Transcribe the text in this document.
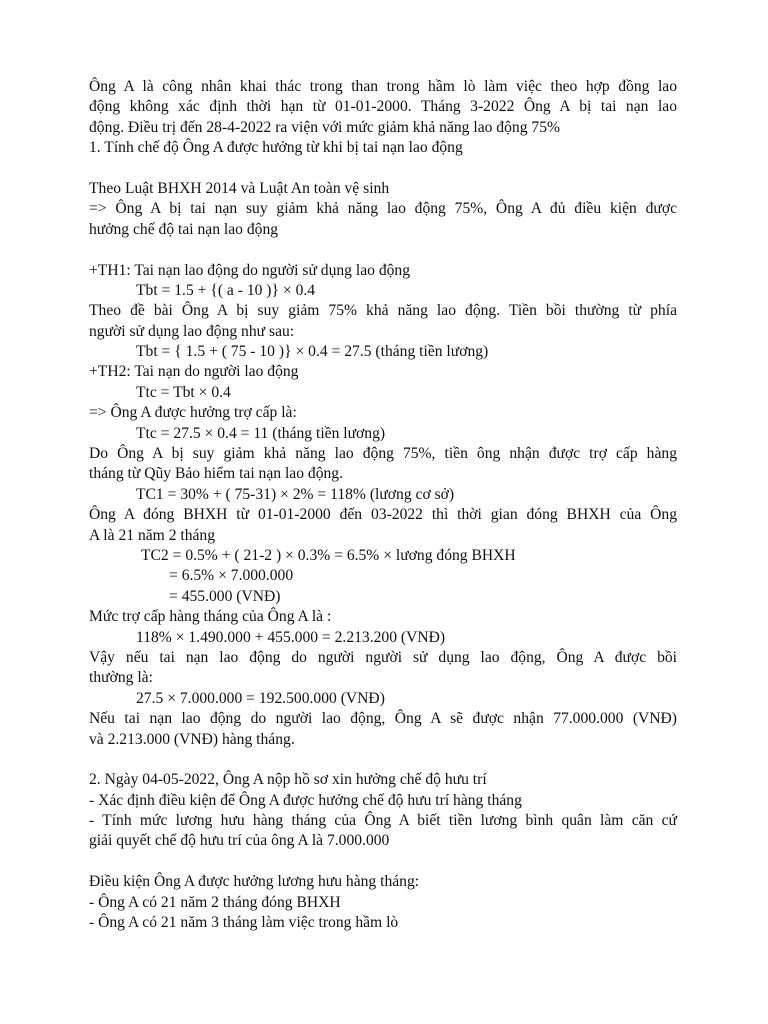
Ông A là công nhân khai thác trong than trong hầm lò làm việc theo hợp đồng lao
động không xác định thời hạn từ 01-01-2000. Tháng 3-2022 Ông A bị tai nạn lao
động. Điều trị đến 28-4-2022 ra viện với mức giảm khả năng lao động 75%
1. Tính chế độ Ông A được hưởng từ khi bị tai nạn lao động
Theo Luật BHXH 2014 và Luật An toàn vệ sinh
=> Ông A bị tai nạn suy giảm khả năng lao động 75%, Ông A đủ điều kiện được
hưởng chế độ tai nạn lao động
+TH1: Tai nạn lao động do người sử dụng lao động
Tbt = 1.5 + {( a - 10 )} × 0.4
Theo đề bài Ông A bị suy giảm 75% khả năng lao động. Tiền bồi thường từ phía
người sử dụng lao động như sau:
Tbt = { 1.5 + ( 75 - 10 )} × 0.4 = 27.5 (tháng tiền lương)
+TH2: Tai nạn do người lao động
Ttc = Tbt × 0.4
=> Ông A được hưởng trợ cấp là:
Ttc = 27.5 × 0.4 = 11 (tháng tiền lương)
Do Ông A bị suy giảm khả năng lao động 75%, tiền ông nhận được trợ cấp hàng
tháng từ Qũy Bảo hiểm tai nạn lao động.
TC1 = 30% + ( 75-31) × 2% = 118% (lương cơ sở)
Ông A đóng BHXH từ 01-01-2000 đến 03-2022 thì thời gian đóng BHXH của Ông
A là 21 năm 2 tháng
TC2 = 0.5% + ( 21-2 ) × 0.3% = 6.5% × lương đóng BHXH
= 6.5% × 7.000.000
= 455.000 (VNĐ)
Mức trợ cấp hàng tháng của Ông A là :
118% × 1.490.000 + 455.000 = 2.213.200 (VNĐ)
Vậy nếu tai nạn lao động do người người sử dụng lao động, Ông A được bồi
thường là:
27.5 × 7.000.000 = 192.500.000 (VNĐ)
Nếu tai nạn lao động do người lao động, Ông A sẽ được nhận 77.000.000 (VNĐ)
và 2.213.000 (VNĐ) hàng tháng.
2. Ngày 04-05-2022, Ông A nộp hồ sơ xin hưởng chế độ hưu trí
- Xác định điều kiện để Ông A được hưởng chế độ hưu trí hàng tháng
- Tính mức lương hưu hàng tháng của Ông A biết tiền lương bình quân làm căn cứ
giải quyết chế độ hưu trí của ông A là 7.000.000
Điều kiện Ông A được hưởng lương hưu hàng tháng:
- Ông A có 21 năm 2 tháng đóng BHXH
- Ông A có 21 năm 3 tháng làm việc trong hầm lò
